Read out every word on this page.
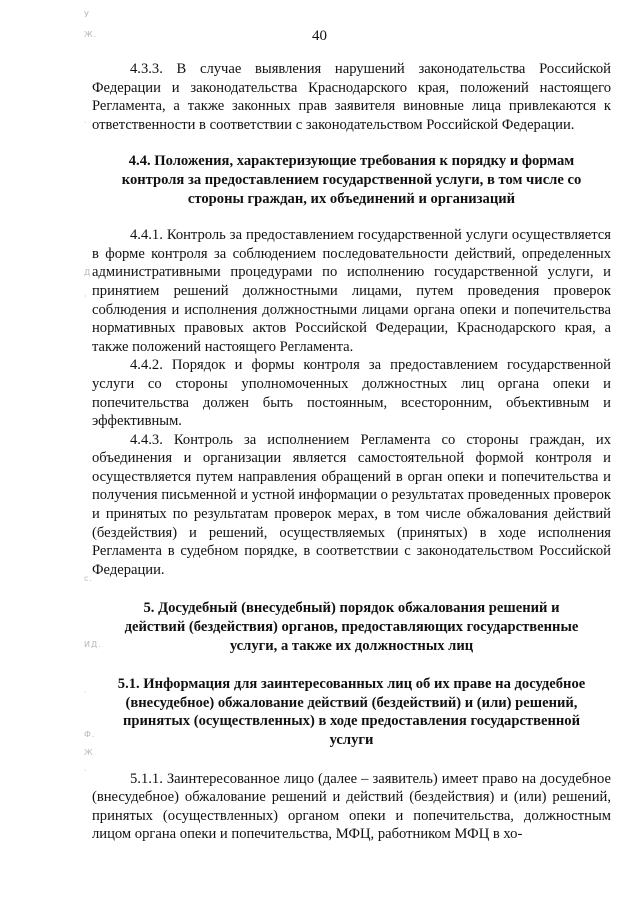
У
Ж.
·
Д
·
с.
ИД.
·
Ф.
Ж
·
40

4.3.3. В случае выявления нарушений законодательства Российской Федерации и законодательства Краснодарского края, положений настоящего Регламента, а также законных прав заявителя виновные лица привлекаются к ответственности в соответствии с законодательством Российской Федерации.

4.4. Положения, характеризующие требования к порядку и формам контроля за предоставлением государственной услуги, в том числе со стороны граждан, их объединений и организаций

4.4.1. Контроль за предоставлением государственной услуги осуществляется в форме контроля за соблюдением последовательности действий, определенных административными процедурами по исполнению государственной услуги, и принятием решений должностными лицами, путем проведения проверок соблюдения и исполнения должностными лицами органа опеки и попечительства нормативных правовых актов Российской Федерации, Краснодарского края, а также положений настоящего Регламента.

4.4.2. Порядок и формы контроля за предоставлением государственной услуги со стороны уполномоченных должностных лиц органа опеки и попечительства должен быть постоянным, всесторонним, объективным и эффективным.

4.4.3. Контроль за исполнением Регламента со стороны граждан, их объединения и организации является самостоятельной формой контроля и осуществляется путем направления обращений в орган опеки и попечительства и получения письменной и устной информации о результатах проведенных проверок и принятых по результатам проверок мерах, в том числе обжалования действий (бездействия) и решений, осуществляемых (принятых) в ходе исполнения Регламента в судебном порядке, в соответствии с законодательством Российской Федерации.

5. Досудебный (внесудебный) порядок обжалования решений и действий (бездействия) органов, предоставляющих государственные услуги, а также их должностных лиц

5.1. Информация для заинтересованных лиц об их праве на досудебное (внесудебное) обжалование действий (бездействий) и (или) решений, принятых (осуществленных) в ходе предоставления государственной услуги

5.1.1. Заинтересованное лицо (далее – заявитель) имеет право на досудебное (внесудебное) обжалование решений и действий (бездействия) и (или) решений, принятых (осуществленных) органом опеки и попечительства, должностным лицом органа опеки и попечительства, МФЦ, работником МФЦ в хо-
